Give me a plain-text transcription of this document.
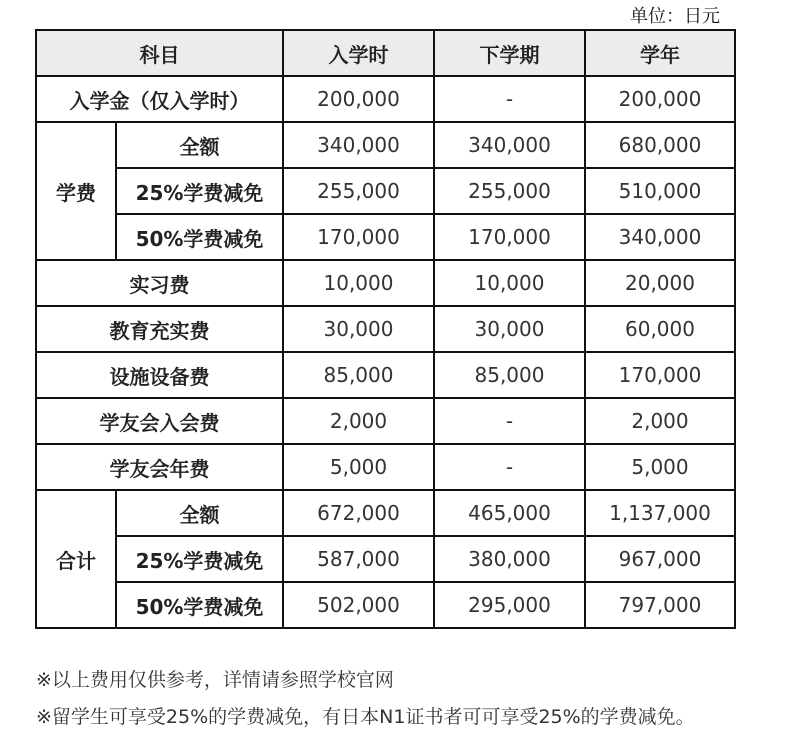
单位：日元
科目		入学时	下学期	学年
入学金（仅入学时）		200,000	-	200,000
学费	全额	340,000	340,000	680,000
	25%学费减免	255,000	255,000	510,000
	50%学费减免	170,000	170,000	340,000
实习费		10,000	10,000	20,000
教育充实费		30,000	30,000	60,000
设施设备费		85,000	85,000	170,000
学友会入会费		2,000	-	2,000
学友会年费		5,000	-	5,000
合计	全额	672,000	465,000	1,137,000
	25%学费减免	587,000	380,000	967,000
	50%学费减免	502,000	295,000	797,000
※以上费用仅供参考，详情请参照学校官网
※留学生可享受25%的学费减免，有日本N1证书者可可享受25%的学费减免。
